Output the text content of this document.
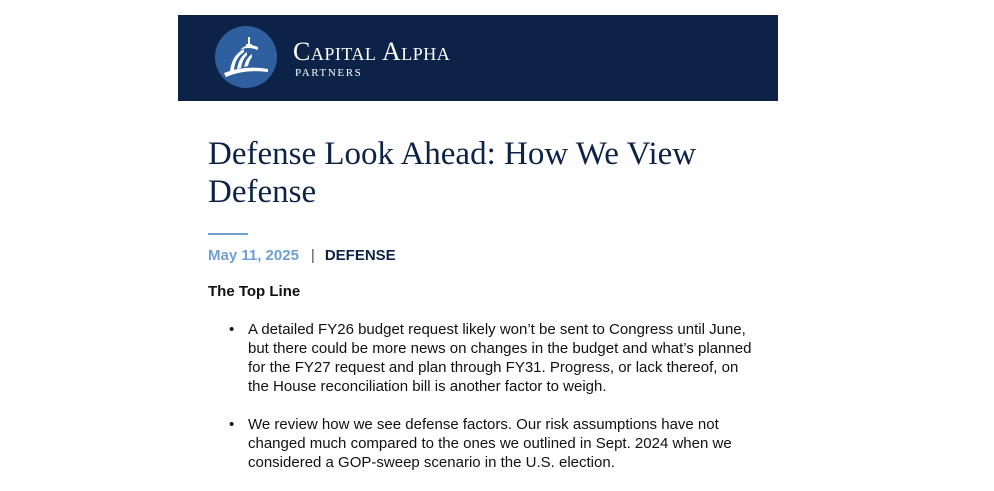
Capital Alpha
PARTNERS
Defense Look Ahead: How We View Defense
May 11, 2025 | DEFENSE
The Top Line
• A detailed FY26 budget request likely won’t be sent to Congress until June, but there could be more news on changes in the budget and what’s planned for the FY27 request and plan through FY31. Progress, or lack thereof, on the House reconciliation bill is another factor to weigh.
• We review how we see defense factors. Our risk assumptions have not changed much compared to the ones we outlined in Sept. 2024 when we considered a GOP-sweep scenario in the U.S. election.
